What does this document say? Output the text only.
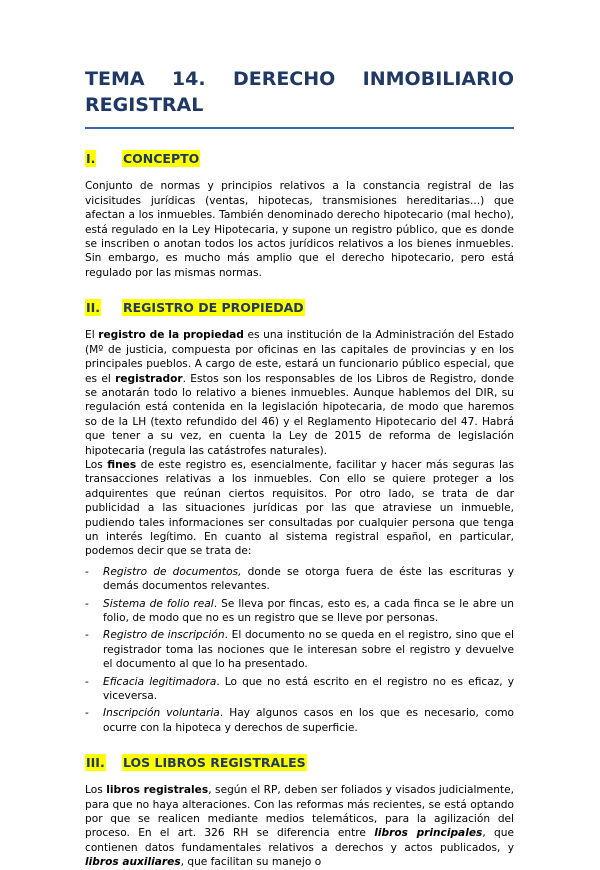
TEMA 14. DERECHO INMOBILIARIO REGISTRAL
I. CONCEPTO

Conjunto de normas y principios relativos a la constancia registral de las vicisitudes jurídicas (ventas, hipotecas, transmisiones hereditarias...) que afectan a los inmuebles. También denominado derecho hipotecario (mal hecho), está regulado en la Ley Hipotecaria, y supone un registro público, que es donde se inscriben o anotan todos los actos jurídicos relativos a los bienes inmuebles. Sin embargo, es mucho más amplio que el derecho hipotecario, pero está regulado por las mismas normas.

II. REGISTRO DE PROPIEDAD

El registro de la propiedad es una institución de la Administración del Estado (Mº de justicia, compuesta por oficinas en las capitales de provincias y en los principales pueblos. A cargo de este, estará un funcionario público especial, que es el registrador. Estos son los responsables de los Libros de Registro, donde se anotarán todo lo relativo a bienes inmuebles. Aunque hablemos del DIR, su regulación está contenida en la legislación hipotecaria, de modo que haremos so de la LH (texto refundido del 46) y el Reglamento Hipotecario del 47. Habrá que tener a su vez, en cuenta la Ley de 2015 de reforma de legislación hipotecaria (regula las catástrofes naturales).

Los fines de este registro es, esencialmente, facilitar y hacer más seguras las transacciones relativas a los inmuebles. Con ello se quiere proteger a los adquirentes que reúnan ciertos requisitos. Por otro lado, se trata de dar publicidad a las situaciones jurídicas por las que atraviese un inmueble, pudiendo tales informaciones ser consultadas por cualquier persona que tenga un interés legítimo. En cuanto al sistema registral español, en particular, podemos decir que se trata de:

-	Registro de documentos, donde se otorga fuera de éste las escrituras y demás documentos relevantes.
-	Sistema de folio real. Se lleva por fincas, esto es, a cada finca se le abre un folio, de modo que no es un registro que se lleve por personas.
-	Registro de inscripción. El documento no se queda en el registro, sino que el registrador toma las nociones que le interesan sobre el registro y devuelve el documento al que lo ha presentado.
-	Eficacia legitimadora. Lo que no está escrito en el registro no es eficaz, y viceversa.
-	Inscripción voluntaria. Hay algunos casos en los que es necesario, como ocurre con la hipoteca y derechos de superficie.
III. LOS LIBROS REGISTRALES

Los libros registrales, según el RP, deben ser foliados y visados judicialmente, para que no haya alteraciones. Con las reformas más recientes, se está optando por que se realicen mediante medios telemáticos, para la agilización del proceso. En el art. 326 RH se diferencia entre libros principales, que contienen datos fundamentales relativos a derechos y actos publicados, y libros auxiliares, que facilitan su manejo o
